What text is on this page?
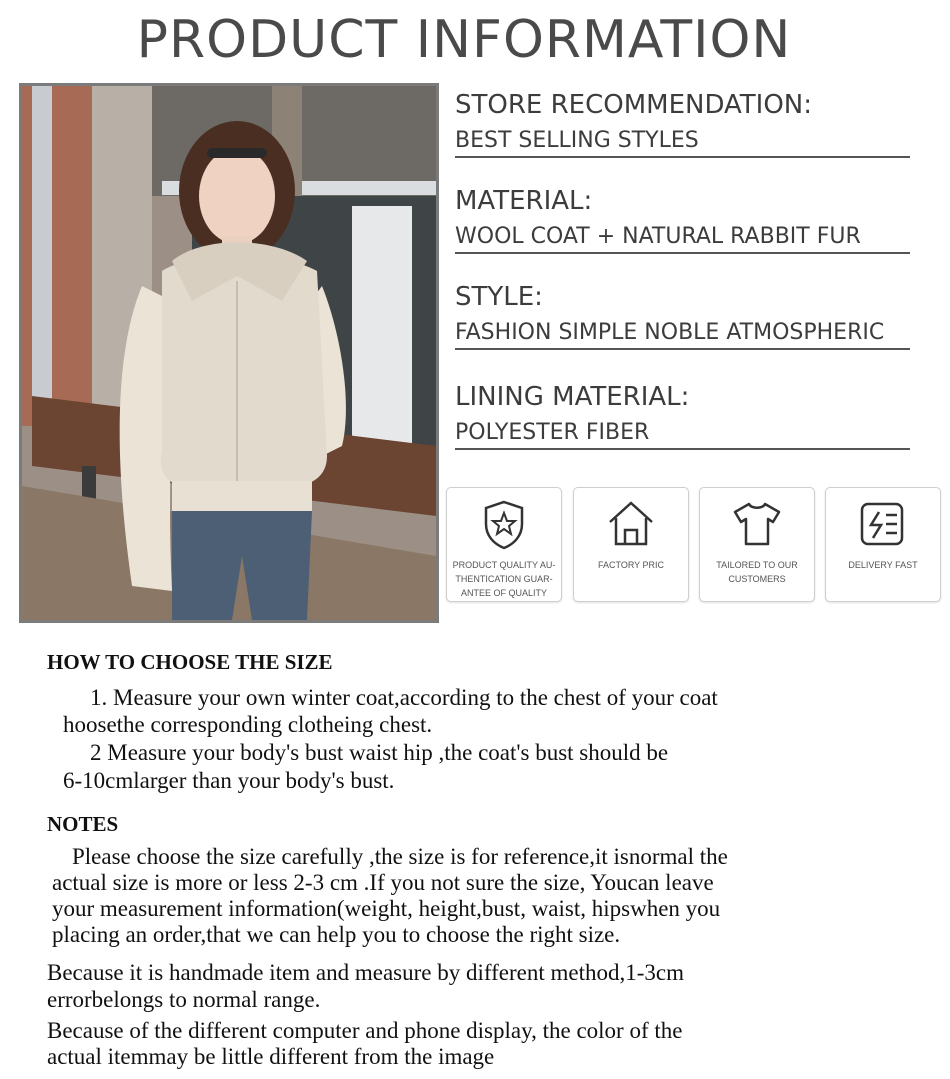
PRODUCT INFORMATION
STORE RECOMMENDATION:
BEST SELLING STYLES
MATERIAL:
WOOL COAT + NATURAL RABBIT FUR
STYLE:
FASHION SIMPLE NOBLE ATMOSPHERIC
LINING MATERIAL:
POLYESTER FIBER
PRODUCT QUALITY AU-
THENTICATION GUAR-
ANTEE OF QUALITY
FACTORY PRIC	TAILORED TO OUR
CUSTOMERS
DELIVERY FAST
HOW TO CHOOSE THE SIZE

1. Measure your own winter coat,according to the chest of your coat

hoosethe corresponding clotheing chest.

2 Measure your body's bust waist hip ,the coat's bust should be

6-10cmlarger than your body's bust.

NOTES

Please choose the size carefully ,the size is for reference,it isnormal the

actual size is more or less 2-3 cm .If you not sure the size, Youcan leave

your measurement information(weight, height,bust, waist, hipswhen you

placing an order,that we can help you to choose the right size.

Because it is handmade item and measure by different method,1-3cm

errorbelongs to normal range.

Because of the different computer and phone display, the color of the

actual itemmay be little different from the image
